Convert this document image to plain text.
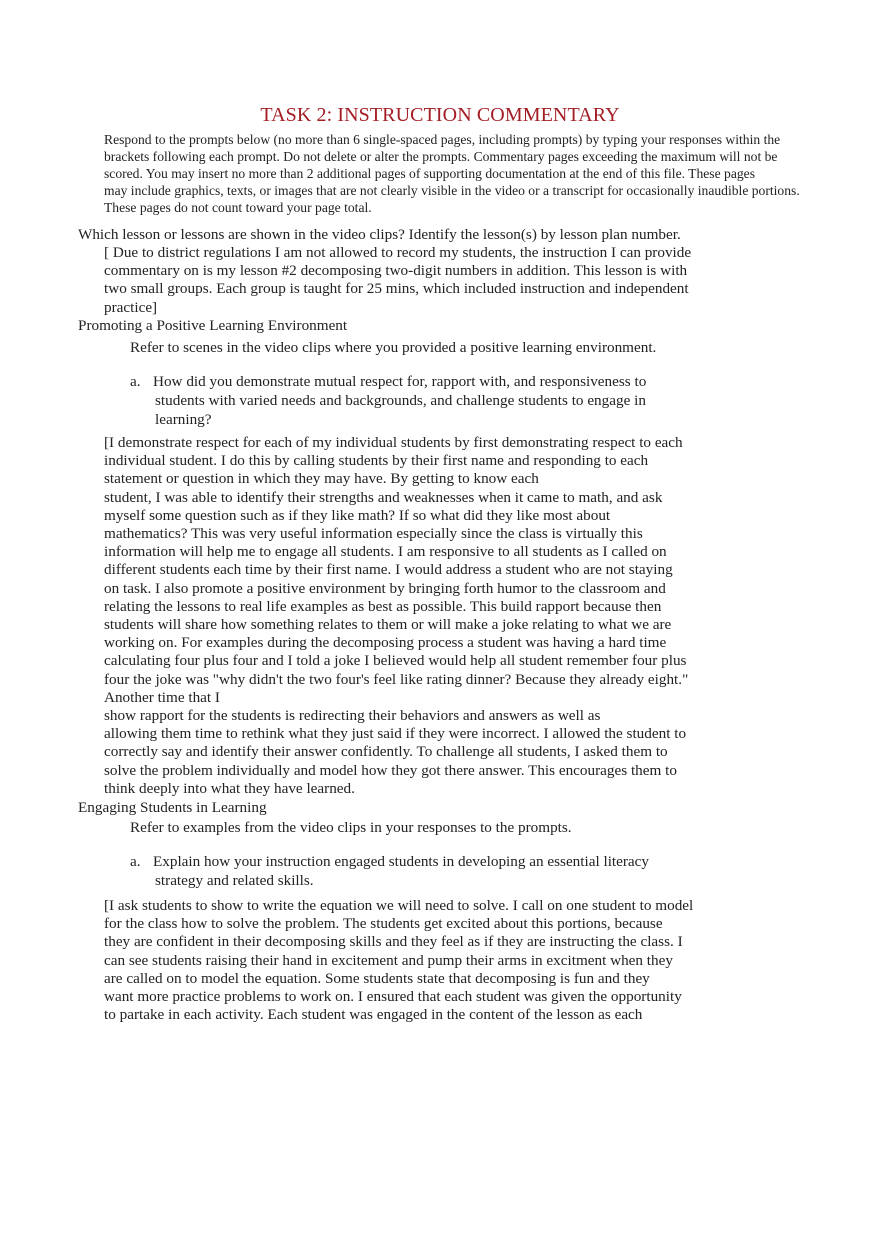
TASK 2: INSTRUCTION COMMENTARY
Respond to the prompts below (no more than 6 single-spaced pages, including prompts) by typing your responses within the
brackets following each prompt. Do not delete or alter the prompts. Commentary pages exceeding the maximum will not be
scored. You may insert no more than 2 additional pages of supporting documentation at the end of this file. These pages
may include graphics, texts, or images that are not clearly visible in the video or a transcript for occasionally inaudible portions.
These pages do not count toward your page total.
Which lesson or lessons are shown in the video clips? Identify the lesson(s) by lesson plan number.
[ Due to district regulations I am not allowed to record my students, the instruction I can provide
commentary on is my lesson #2 decomposing two-digit numbers in addition. This lesson is with
two small groups. Each group is taught for 25 mins, which included instruction and independent
practice]
Promoting a Positive Learning Environment
Refer to scenes in the video clips where you provided a positive learning environment.
a. How did you demonstrate mutual respect for, rapport with, and responsiveness to
students with varied needs and backgrounds, and challenge students to engage in
learning?
[I demonstrate respect for each of my individual students by first demonstrating respect to each
individual student. I do this by calling students by their first name and responding to each
statement or question in which they may have. By getting to know each
student, I was able to identify their strengths and weaknesses when it came to math, and ask
myself some question such as if they like math? If so what did they like most about
mathematics? This was very useful information especially since the class is virtually this
information will help me to engage all students. I am responsive to all students as I called on
different students each time by their first name. I would address a student who are not staying
on task. I also promote a positive environment by bringing forth humor to the classroom and
relating the lessons to real life examples as best as possible. This build rapport because then
students will share how something relates to them or will make a joke relating to what we are
working on. For examples during the decomposing process a student was having a hard time
calculating four plus four and I told a joke I believed would help all student remember four plus
four the joke was "why didn't the two four's feel like rating dinner? Because they already eight."
Another time that I
show rapport for the students is redirecting their behaviors and answers as well as
allowing them time to rethink what they just said if they were incorrect. I allowed the student to
correctly say and identify their answer confidently. To challenge all students, I asked them to
solve the problem individually and model how they got there answer. This encourages them to
think deeply into what they have learned.
Engaging Students in Learning
Refer to examples from the video clips in your responses to the prompts.
a. Explain how your instruction engaged students in developing an essential literacy
strategy and related skills.
[I ask students to show to write the equation we will need to solve. I call on one student to model
for the class how to solve the problem. The students get excited about this portions, because
they are confident in their decomposing skills and they feel as if they are instructing the class. I
can see students raising their hand in excitement and pump their arms in excitment when they
are called on to model the equation. Some students state that decomposing is fun and they
want more practice problems to work on. I ensured that each student was given the opportunity
to partake in each activity. Each student was engaged in the content of the lesson as each
